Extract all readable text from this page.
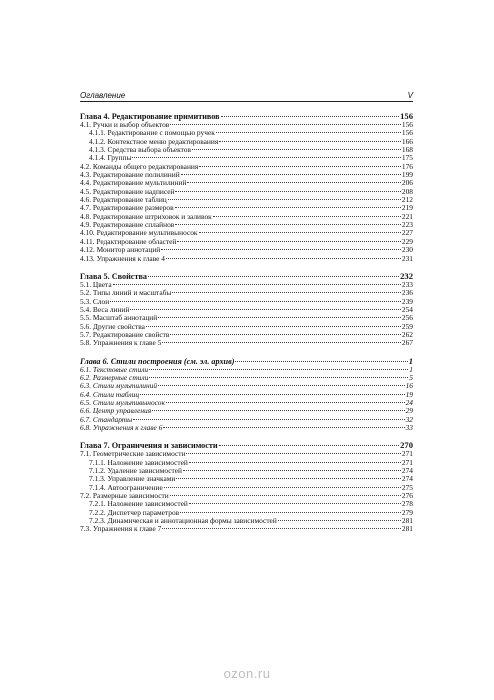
Оглавление	V
Глава 4. Редактирование примитивов	156
4.1. Ручки и выбор объектов	156
4.1.1. Редактирование с помощью ручек	156
4.1.2. Контекстное меню редактирования	166
4.1.3. Средства выбора объектов	168
4.1.4. Группы	175
4.2. Команды общего редактирования	176
4.3. Редактирование полилиний	199
4.4. Редактирование мультилиний	206
4.5. Редактирование надписей	208
4.6. Редактирование таблиц	212
4.7. Редактирование размеров	219
4.8. Редактирование штриховок и заливок	221
4.9. Редактирование сплайнов	223
4.10. Редактирование мультивыносок	227
4.11. Редактирование областей	229
4.12. Монитор аннотаций	230
4.13. Упражнения к главе 4	231
Глава 5. Свойства	232
5.1. Цвета	233
5.2. Типы линий и масштабы	236
5.3. Слои	239
5.4. Веса линий	254
5.5. Масштаб аннотаций	256
5.6. Другие свойства	259
5.7. Редактирование свойств	262
5.8. Упражнения к главе 5	267
Глава 6. Стили построения (см. эл. архив)	1
6.1. Текстовые стили	1
6.2. Размерные стили	5
6.3. Стили мультилиний	16
6.4. Стили таблиц	19
6.5. Стили мультивыносок	24
6.6. Центр управления	29
6.7. Стандарты	32
6.8. Упражнения к главе 6	33
Глава 7. Ограничения и зависимости	270
7.1. Геометрические зависимости	271
7.1.1. Наложение зависимостей	271
7.1.2. Удаление зависимостей	274
7.1.3. Управление значками	274
7.1.4. Автоограничение	275
7.2. Размерные зависимости	276
7.2.1. Наложение зависимостей	278
7.2.2. Диспетчер параметров	279
7.2.3. Динамическая и аннотационная формы зависимостей	281
7.3. Упражнения к главе 7	281
ozon.ru
